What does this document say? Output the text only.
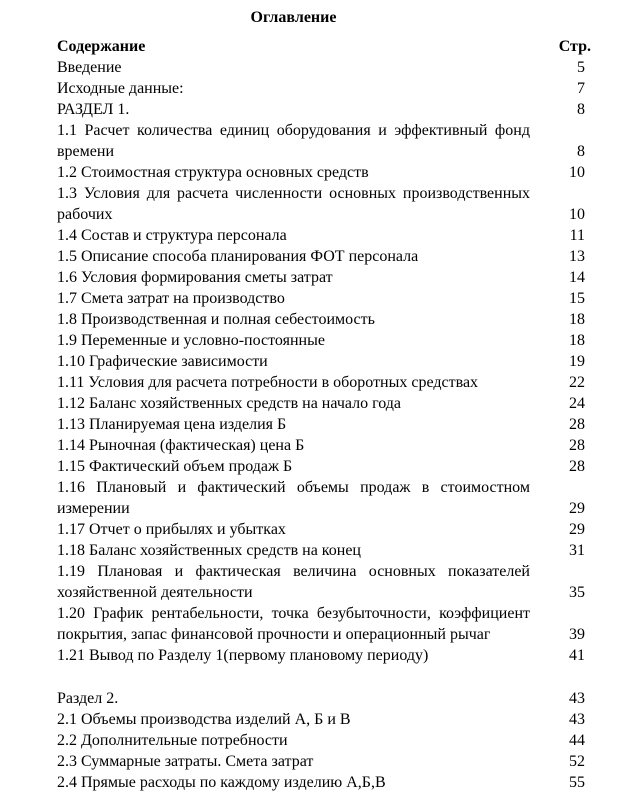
Оглавление
Содержание	Стр.
Введение	5
Исходные данные:	7
РАЗДЕЛ 1.	8
1.1 Расчет количества единиц оборудования и эффективный фонд времени	8
1.2 Стоимостная структура основных средств	10
1.3 Условия для расчета численности основных производственных рабочих	10
1.4 Состав и структура персонала	11
1.5 Описание способа планирования ФОТ персонала	13
1.6 Условия формирования сметы затрат	14
1.7 Смета затрат на производство	15
1.8 Производственная и полная себестоимость	18
1.9 Переменные и условно-постоянные	18
1.10 Графические зависимости	19
1.11 Условия для расчета потребности в оборотных средствах	22
1.12 Баланс хозяйственных средств на начало года	24
1.13 Планируемая цена изделия Б	28
1.14 Рыночная (фактическая) цена Б	28
1.15 Фактический объем продаж Б	28
1.16 Плановый и фактический объемы продаж в стоимостном измерении	29
1.17 Отчет о прибылях и убытках	29
1.18 Баланс хозяйственных средств на конец	31
1.19 Плановая и фактическая величина основных показателей хозяйственной деятельности	35
1.20 График рентабельности, точка безубыточности, коэффициент покрытия, запас финансовой прочности и операционный рычаг	39
1.21 Вывод по Разделу 1(первому плановому периоду)	41
Раздел 2.	43
2.1 Объемы производства изделий А, Б и В	43
2.2 Дополнительные потребности	44
2.3 Суммарные затраты. Смета затрат	52
2.4 Прямые расходы по каждому изделию А,Б,В	55
